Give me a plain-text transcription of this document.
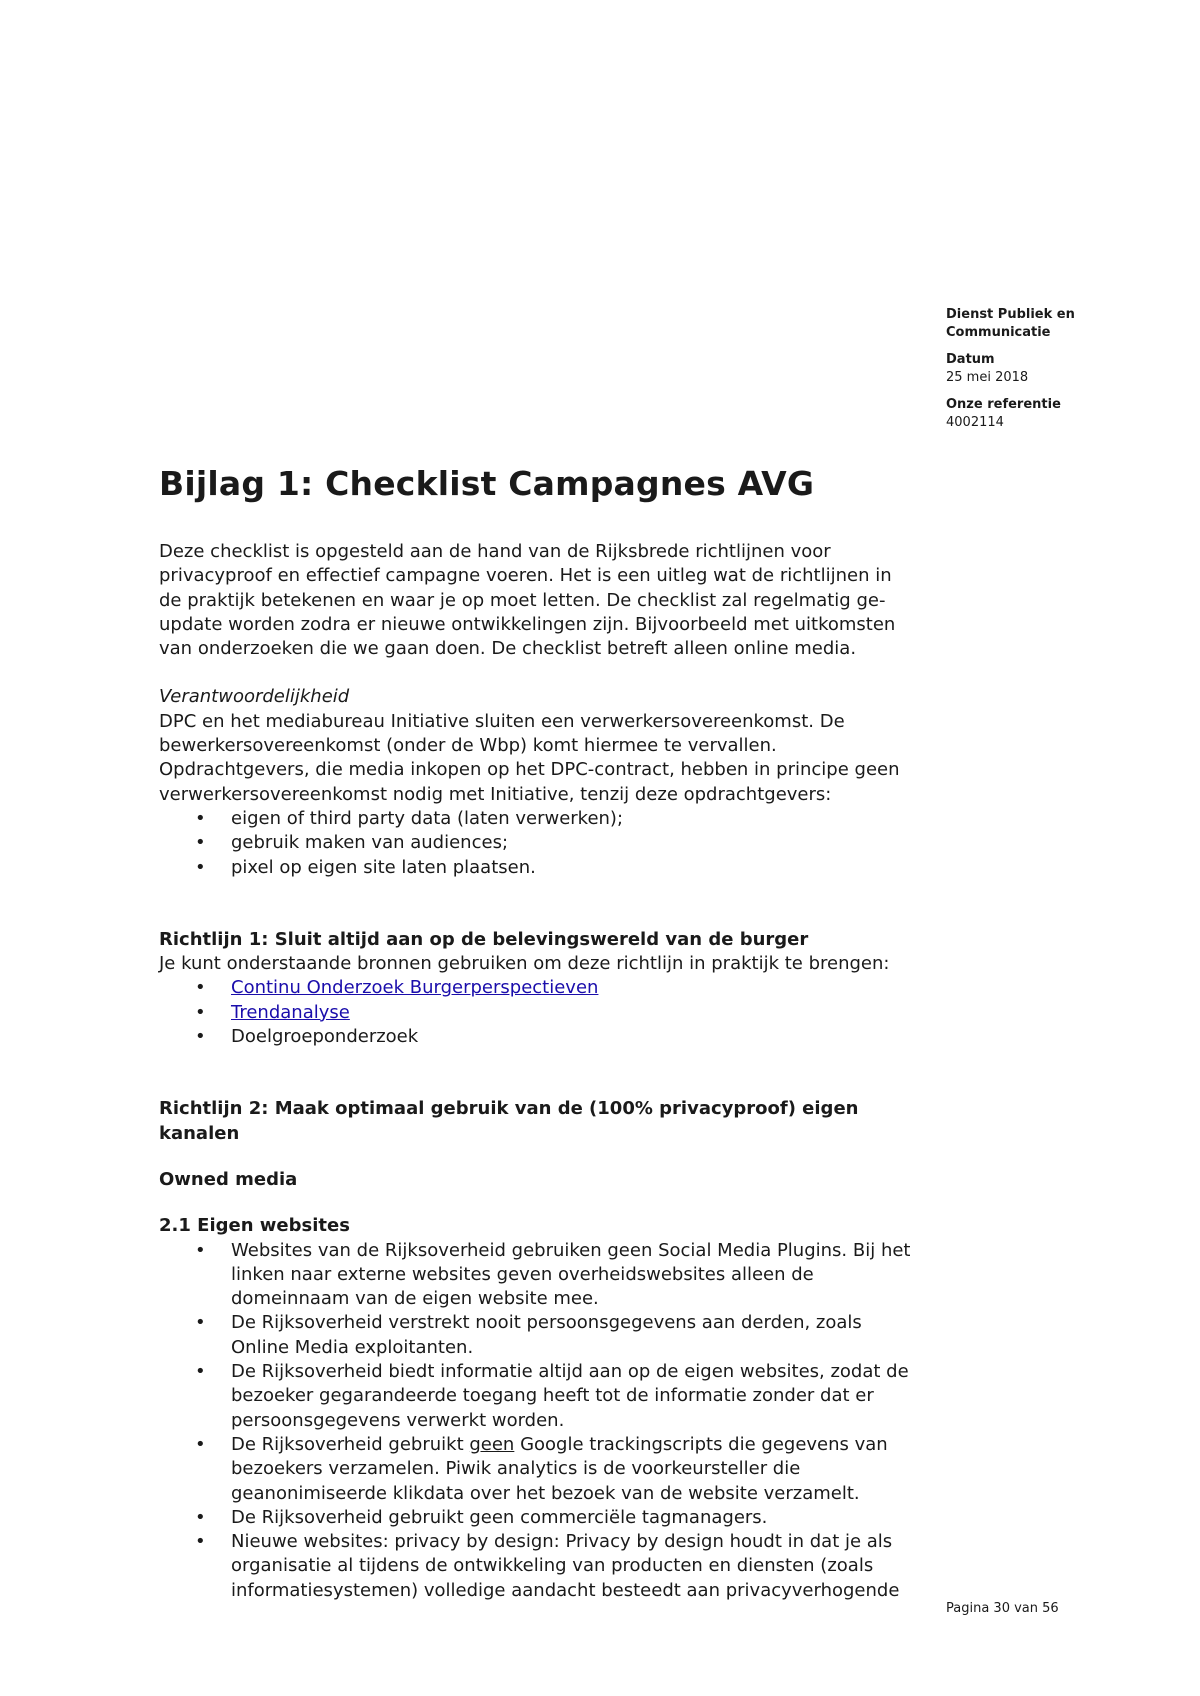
Dienst Publiek en Communicatie

Datum

25 mei 2018

Onze referentie

4002114

Bijlag 1: Checklist Campagnes AVG

Deze checklist is opgesteld aan de hand van de Rijksbrede richtlijnen voor privacyproof en effectief campagne voeren. Het is een uitleg wat de richtlijnen in de praktijk betekenen en waar je op moet letten. De checklist zal regelmatig ge-update worden zodra er nieuwe ontwikkelingen zijn. Bijvoorbeeld met uitkomsten van onderzoeken die we gaan doen. De checklist betreft alleen online media.

Verantwoordelijkheid

DPC en het mediabureau Initiative sluiten een verwerkersovereenkomst. De bewerkersovereenkomst (onder de Wbp) komt hiermee te vervallen. Opdrachtgevers, die media inkopen op het DPC-contract, hebben in principe geen verwerkersovereenkomst nodig met Initiative, tenzij deze opdrachtgevers:

• eigen of third party data (laten verwerken);
• gebruik maken van audiences;
• pixel op eigen site laten plaatsen.

Richtlijn 1: Sluit altijd aan op de belevingswereld van de burger

Je kunt onderstaande bronnen gebruiken om deze richtlijn in praktijk te brengen:

• Continu Onderzoek Burgerperspectieven
• Trendanalyse
• Doelgroeponderzoek

Richtlijn 2: Maak optimaal gebruik van de (100% privacyproof) eigen kanalen

Owned media

2.1 Eigen websites

• Websites van de Rijksoverheid gebruiken geen Social Media Plugins. Bij het linken naar externe websites geven overheidswebsites alleen de domeinnaam van de eigen website mee.
• De Rijksoverheid verstrekt nooit persoonsgegevens aan derden, zoals Online Media exploitanten.
• De Rijksoverheid biedt informatie altijd aan op de eigen websites, zodat de bezoeker gegarandeerde toegang heeft tot de informatie zonder dat er persoonsgegevens verwerkt worden.
• De Rijksoverheid gebruikt geen Google trackingscripts die gegevens van bezoekers verzamelen. Piwik analytics is de voorkeursteller die geanonimiseerde klikdata over het bezoek van de website verzamelt.
• De Rijksoverheid gebruikt geen commerciële tagmanagers.
• Nieuwe websites: privacy by design: Privacy by design houdt in dat je als organisatie al tijdens de ontwikkeling van producten en diensten (zoals informatiesystemen) volledige aandacht besteedt aan privacyverhogende
Pagina 30 van 56
